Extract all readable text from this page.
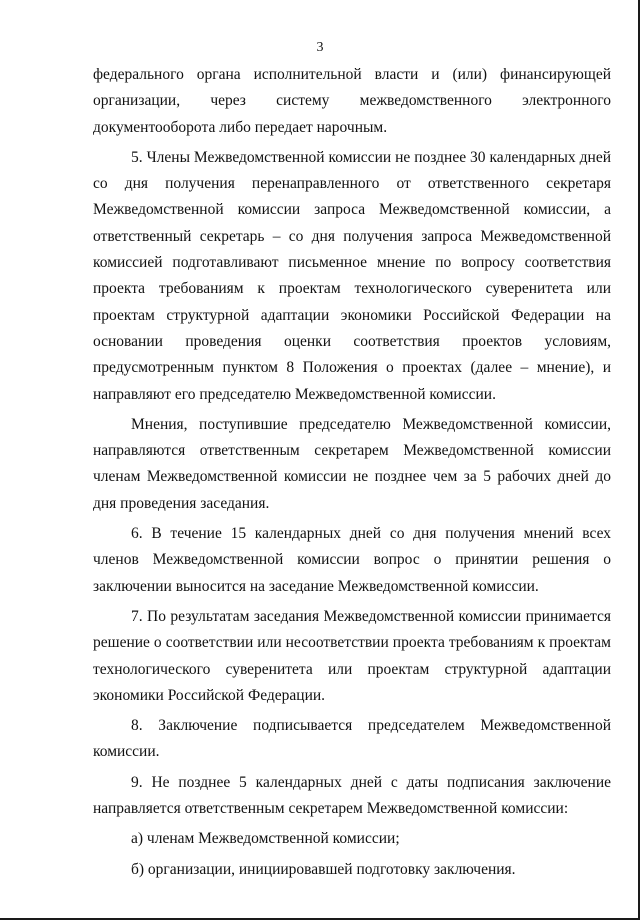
3

федерального органа исполнительной власти и (или) финансирующей организации, через систему межведомственного электронного документооборота либо передает нарочным.

5. Члены Межведомственной комиссии не позднее 30 календарных дней со дня получения перенаправленного от ответственного секретаря Межведомственной комиссии запроса Межведомственной комиссии, а ответственный секретарь – со дня получения запроса Межведомственной комиссией подготавливают письменное мнение по вопросу соответствия проекта требованиям к проектам технологического суверенитета или проектам структурной адаптации экономики Российской Федерации на основании проведения оценки соответствия проектов условиям, предусмотренным пунктом 8 Положения о проектах (далее – мнение), и направляют его председателю Межведомственной комиссии.

Мнения, поступившие председателю Межведомственной комиссии, направляются ответственным секретарем Межведомственной комиссии членам Межведомственной комиссии не позднее чем за 5 рабочих дней до дня проведения заседания.

6. В течение 15 календарных дней со дня получения мнений всех членов Межведомственной комиссии вопрос о принятии решения о заключении выносится на заседание Межведомственной комиссии.

7. По результатам заседания Межведомственной комиссии принимается решение о соответствии или несоответствии проекта требованиям к проектам технологического суверенитета или проектам структурной адаптации экономики Российской Федерации.

8. Заключение подписывается председателем Межведомственной комиссии.

9. Не позднее 5 календарных дней с даты подписания заключение направляется ответственным секретарем Межведомственной комиссии:

а) членам Межведомственной комиссии;

б) организации, инициировавшей подготовку заключения.
